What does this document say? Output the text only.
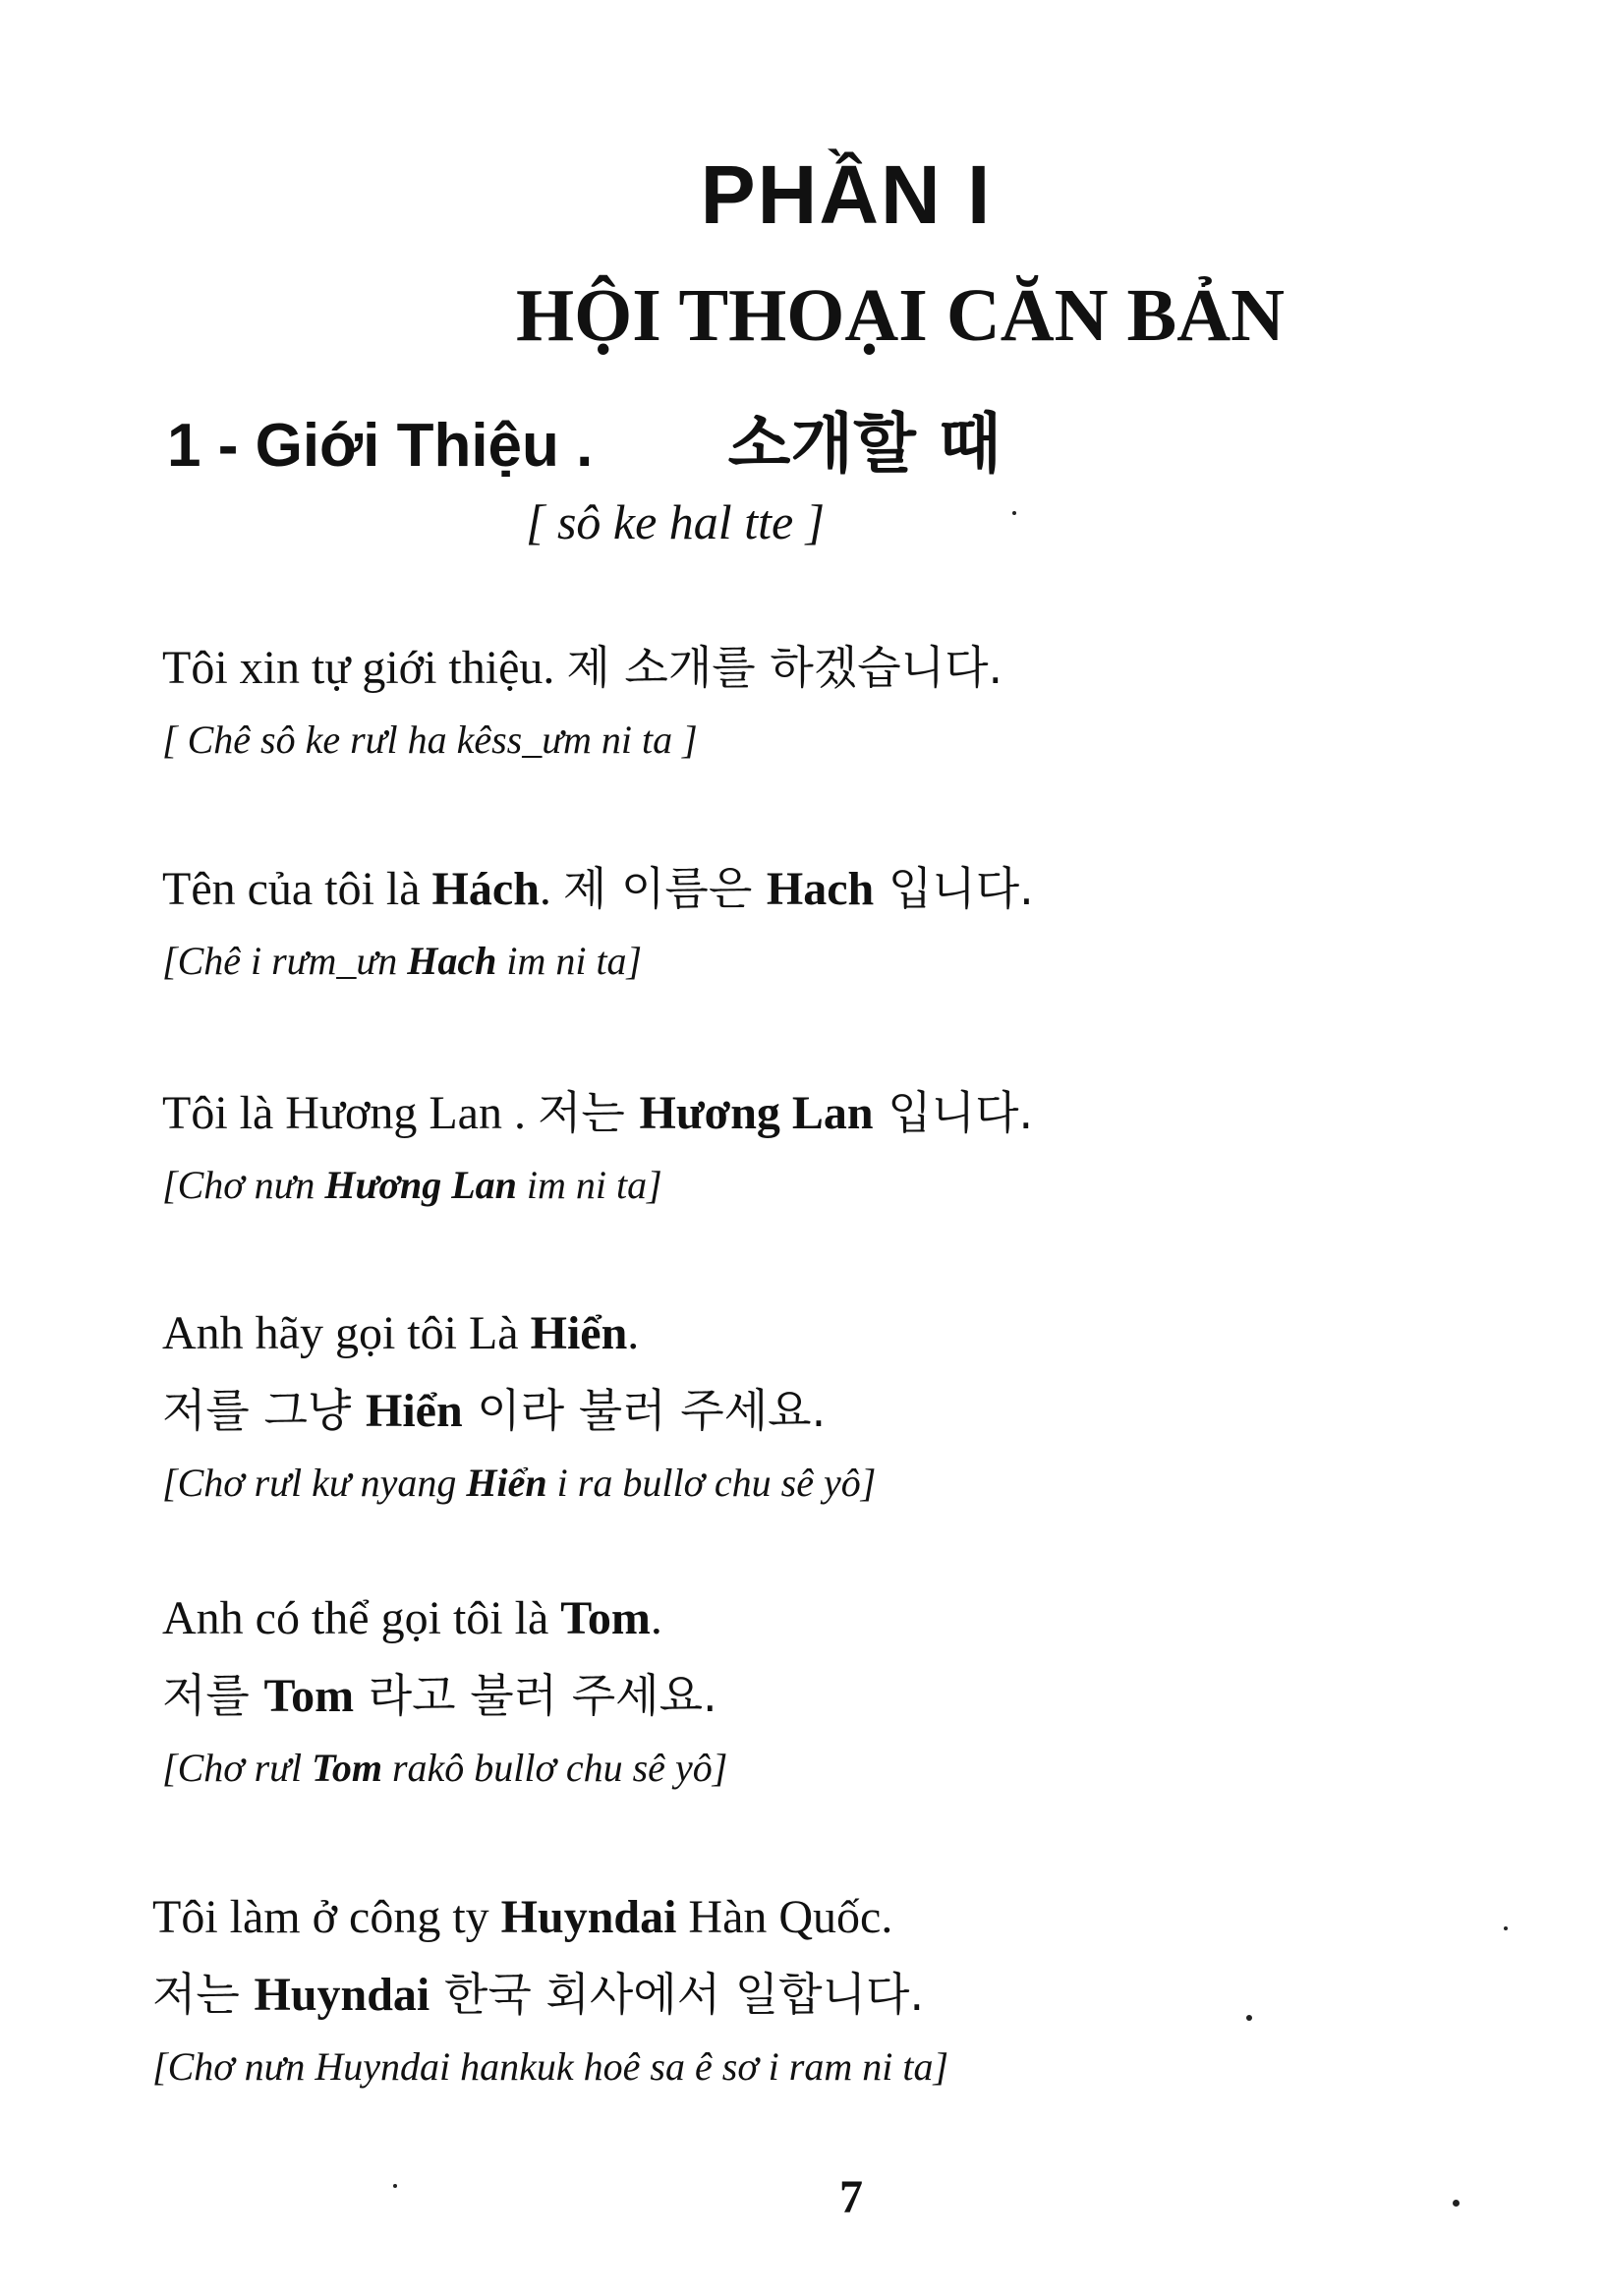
PHẦN I
HỘI THOẠI CĂN BẢN
1 - Giới Thiệu . 소개할 때
[ sô ke hal tte ]
Tôi xin tự giới thiệu. 제 소개를 하겠습니다.
[ Chê sô ke rưl ha kêss_ưm ni ta ]
Tên của tôi là Hách. 제 이름은 Hach 입니다.
[Chê i rưm_ưn Hach im ni ta]
Tôi là Hương Lan . 저는 Hương Lan 입니다.
[Chơ nưn Hương Lan im ni ta]
Anh hãy gọi tôi Là Hiển.
저를 그냥 Hiển 이라 불러 주세요.
[Chơ rưl kư nyang Hiển i ra bullơ chu sê yô]
Anh có thể gọi tôi là Tom.
저를 Tom 라고 불러 주세요.
[Chơ rưl Tom rakô bullơ chu sê yô]
Tôi làm ở công ty Huyndai Hàn Quốc.
저는 Huyndai 한국 회사에서 일합니다.
[Chơ nưn Huyndai hankuk hoê sa ê sơ i ram ni ta]
7
